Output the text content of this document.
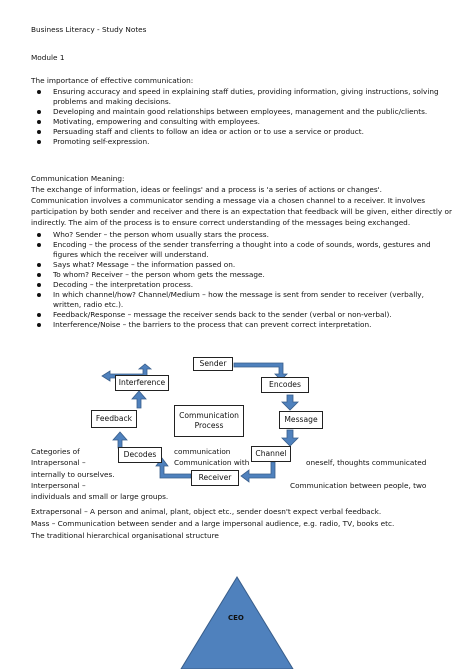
Business Literacy - Study Notes
Module 1
The importance of effective communication:
Ensuring accuracy and speed in explaining staff duties, providing information, giving instructions, solving
problems and making decisions.
Developing and maintain good relationships between employees, management and the public/clients.
Motivating, empowering and consulting with employees.
Persuading staff and clients to follow an idea or action or to use a service or product.
Promoting self-expression.
Communication Meaning:
The exchange of information, ideas or feelings' and a process is 'a series of actions or changes'.
Communication involves a communicator sending a message via a chosen channel to a receiver. It involves
participation by both sender and receiver and there is an expectation that feedback will be given, either directly or
indirectly. The aim of the process is to ensure correct understanding of the messages being exchanged.
Who? Sender – the person whom usually stars the process.
Encoding – the process of the sender transferring a thought into a code of sounds, words, gestures and
figures which the receiver will understand.
Says what? Message – the information passed on.
To whom? Receiver – the person whom gets the message.
Decoding – the interpretation process.
In which channel/how? Channel/Medium – how the message is sent from sender to receiver (verbally,
written, radio etc.).
Feedback/Response – message the receiver sends back to the sender (verbal or non-verbal).
Interference/Noise – the barriers to the process that can prevent correct interpretation.
Sender
Encodes
Message
Channel
Receiver
Decodes
Feedback
Interference
Communication
Process
Categories of	communication
Intrapersonal –	Communication with	oneself, thoughts communicated
internally to ourselves.
Interpersonal –	Communication between people, two
individuals and small or large groups.
Extrapersonal – A person and animal, plant, object etc., sender doesn't expect verbal feedback.
Mass – Communication between sender and a large impersonal audience, e.g. radio, TV, books etc.
The traditional hierarchical organisational structure
CEO
